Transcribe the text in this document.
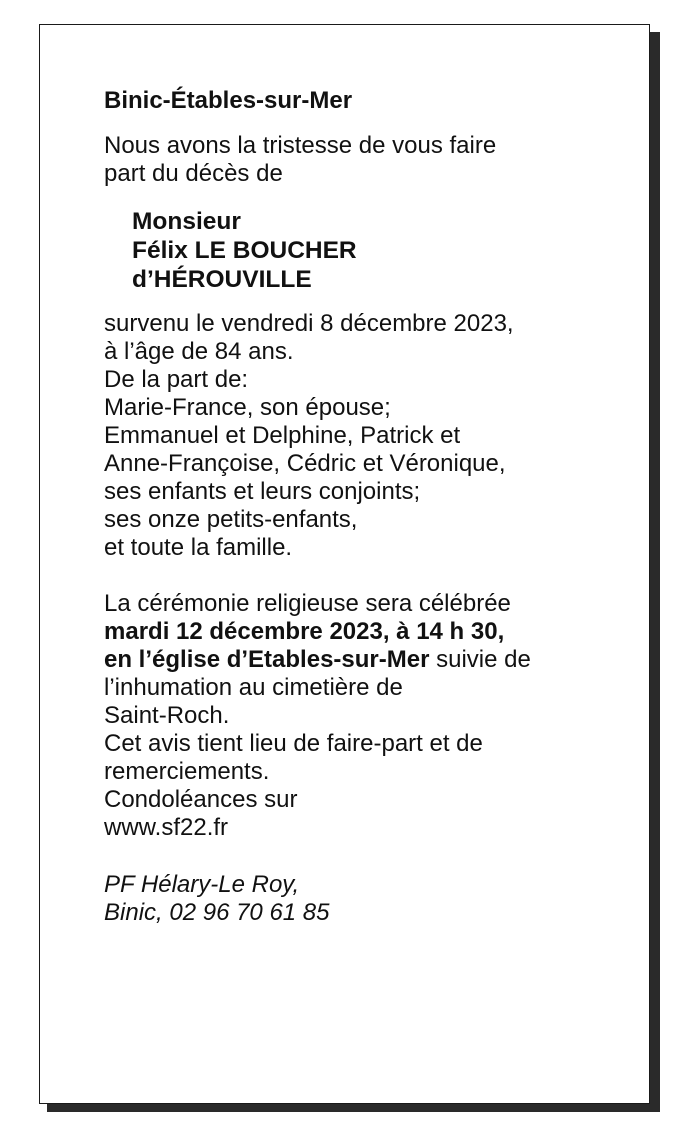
Binic-Étables-sur-Mer

Nous avons la tristesse de vous faire
part du décès de

Monsieur
Félix LE BOUCHER
d’HÉROUVILLE

survenu le vendredi 8 décembre 2023,
à l’âge de 84 ans.
De la part de:
Marie-France, son épouse;
Emmanuel et Delphine, Patrick et
Anne-Françoise, Cédric et Véronique,
ses enfants et leurs conjoints;
ses onze petits-enfants,
et toute la famille.

La cérémonie religieuse sera célébrée
mardi 12 décembre 2023, à 14 h 30,
en l’église d’Etables-sur-Mer suivie de
l’inhumation au cimetière de
Saint-Roch.
Cet avis tient lieu de faire-part et de
remerciements.
Condoléances sur
www.sf22.fr

PF Hélary-Le Roy,
Binic, 02 96 70 61 85
